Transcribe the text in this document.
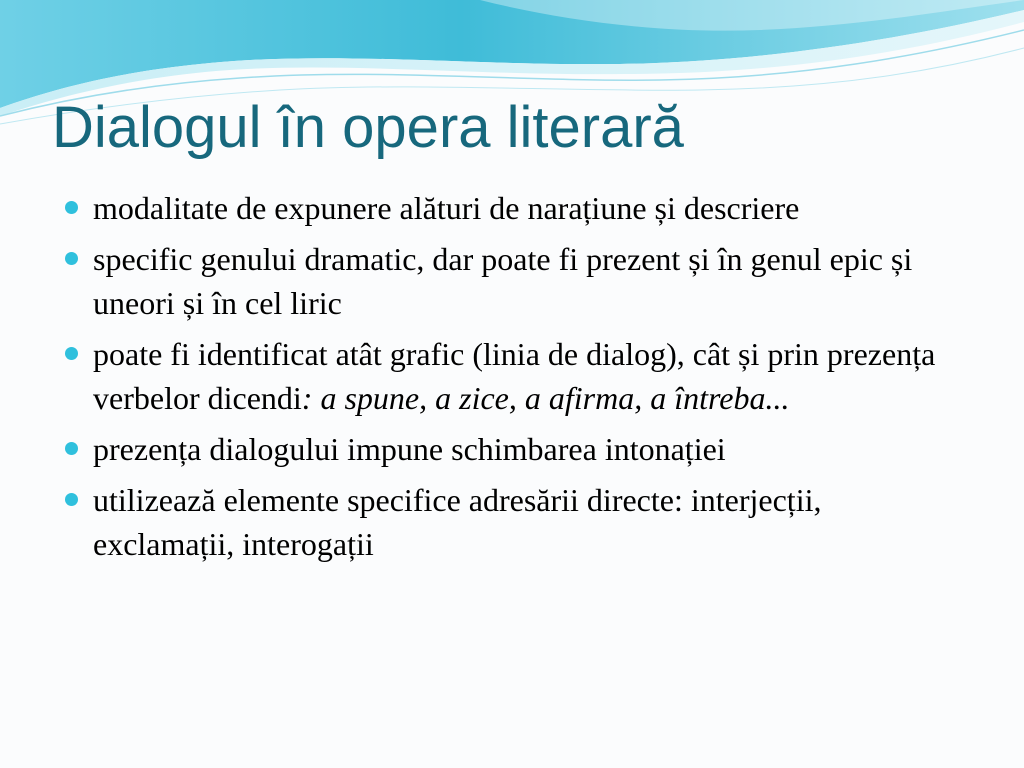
Dialogul în opera literară
modalitate de expunere alături de narațiune și descriere
specific genului dramatic, dar poate fi prezent și în genul epic și uneori și în cel liric
poate fi identificat atât grafic (linia de dialog), cât și prin prezența verbelor dicendi: a spune, a zice, a afirma, a întreba...
prezența dialogului impune schimbarea intonației
utilizează elemente specifice adresării directe: interjecții, exclamații, interogații
